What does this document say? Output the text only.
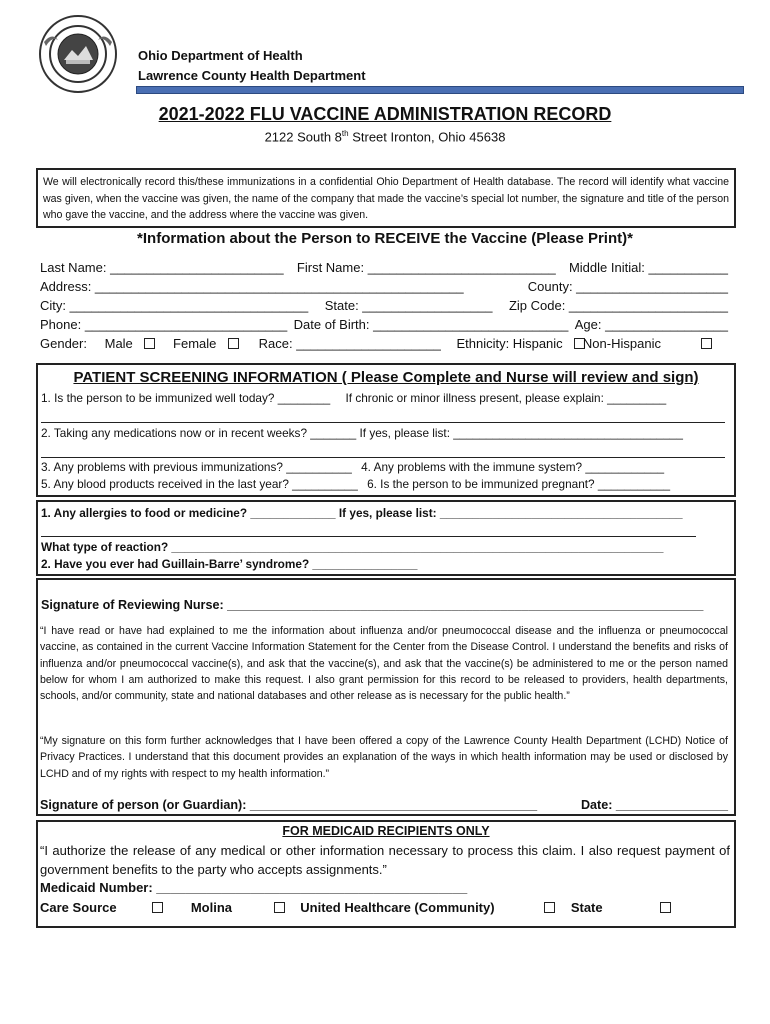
Ohio Department of Health
Lawrence County Health Department
2021-2022 FLU VACCINE ADMINISTRATION RECORD
2122 South 8th Street Ironton, Ohio 45638
We will electronically record this/these immunizations in a confidential Ohio Department of Health database. The record will identify what vaccine was given, when the vaccine was given, the name of the company that made the vaccine’s special lot number, the signature and title of the person who gave the vaccine, and the address where the vaccine was given.
*Information about the Person to RECEIVE the Vaccine (Please Print)*
Last Name: ________________________ First Name: __________________________ Middle Initial: ___________
Address: ___________________________________________________	County: _____________________
City: _________________________________ State: __________________ Zip Code: ______________________
Phone: ____________________________ Date of Birth: ___________________________ Age: _________________
Gender: Male	Female	Race: ____________________ Ethnicity: Hispanic Non-Hispanic
PATIENT SCREENING INFORMATION ( Please Complete and Nurse will review and sign)
1. Is the person to be immunized well today? ________ If chronic or minor illness present, please explain: _________
2. Taking any medications now or in recent weeks? _______ If yes, please list: ___________________________________
3. Any problems with previous immunizations? __________ 4. Any problems with the immune system? ____________
5. Any blood products received in the last year? __________ 6. Is the person to be immunized pregnant? ___________
1. Any allergies to food or medicine? _____________ If yes, please list: _____________________________________
What type of reaction? ___________________________________________________________________________
2. Have you ever had Guillain-Barre’ syndrome? ________________
Signature of Reviewing Nurse: ____________________________________________________________________
“I have read or have had explained to me the information about influenza and/or pneumococcal disease and the influenza or pneumococcal vaccine, as contained in the current Vaccine Information Statement for the Center from the Disease Control. I understand the benefits and risks of influenza and/or pneumococcal vaccine(s), and ask that the vaccine(s), and ask that the vaccine(s) be administered to me or the person named below for whom I am authorized to make this request. I also grant permission for this record to be released to providers, health departments, schools, and/or community, state and national databases and other release as is necessary for the public health.”
“My signature on this form further acknowledges that I have been offered a copy of the Lawrence County Health Department (LCHD) Notice of Privacy Practices. I understand that this document provides an explanation of the ways in which health information may be used or disclosed by LCHD and of my rights with respect to my health information.”
Signature of person (or Guardian): _________________________________________	Date: ________________
FOR MEDICAID RECIPIENTS ONLY
“I authorize the release of any medical or other information necessary to process this claim. I also request payment of government benefits to the party who accepts assignments.”
Medicaid Number: ___________________________________________
Care Source	Molina	United Healthcare (Community)	State
